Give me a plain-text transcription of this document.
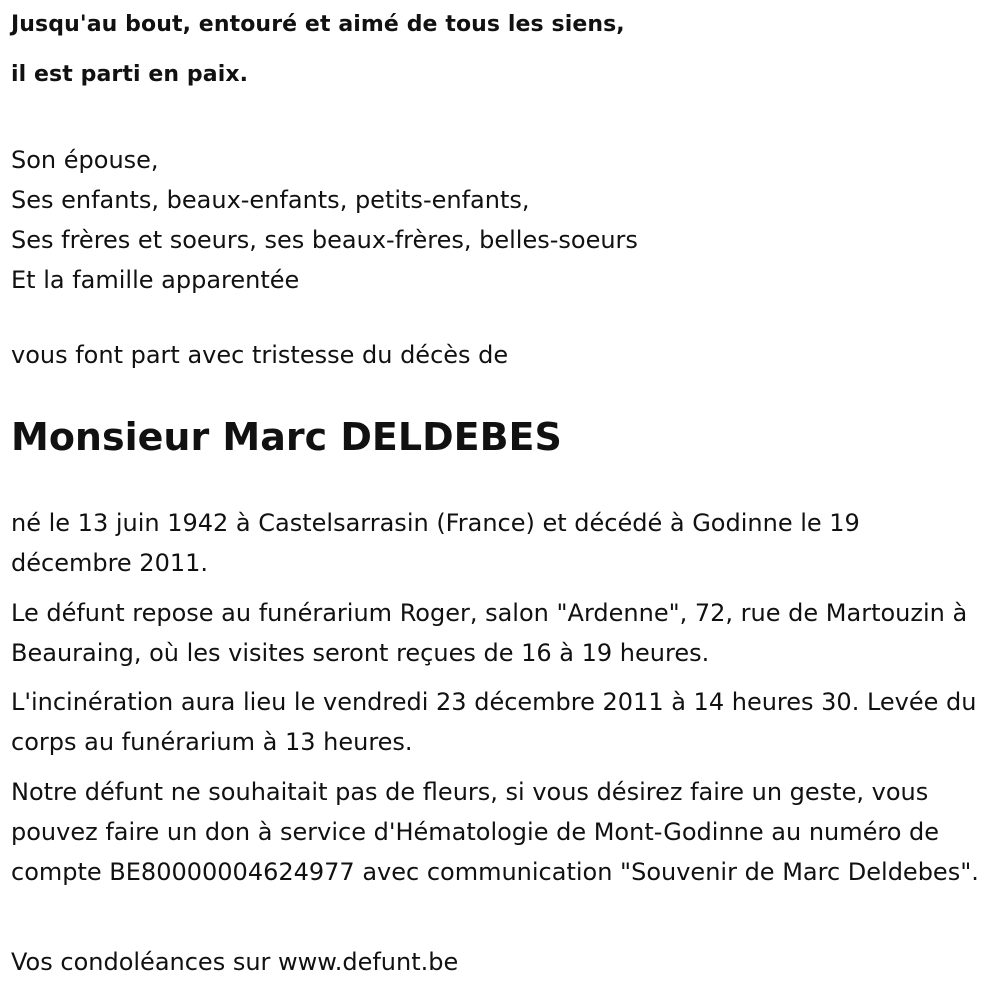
Jusqu'au bout, entouré et aimé de tous les siens,
il est parti en paix.
Son épouse,
Ses enfants, beaux-enfants, petits-enfants,
Ses frères et soeurs, ses beaux-frères, belles-soeurs
Et la famille apparentée
vous font part avec tristesse du décès de
Monsieur Marc DELDEBES
né le 13 juin 1942 à Castelsarrasin (France) et décédé à Godinne le 19 décembre 2011.
Le défunt repose au funérarium Roger, salon "Ardenne", 72, rue de Martouzin à Beauraing, où les visites seront reçues de 16 à 19 heures.
L'incinération aura lieu le vendredi 23 décembre 2011 à 14 heures 30. Levée du corps au funérarium à 13 heures.
Notre défunt ne souhaitait pas de fleurs, si vous désirez faire un geste, vous pouvez faire un don à service d'Hématologie de Mont-Godinne au numéro de compte BE80000004624977 avec communication "Souvenir de Marc Deldebes".
Vos condoléances sur www.defunt.be
